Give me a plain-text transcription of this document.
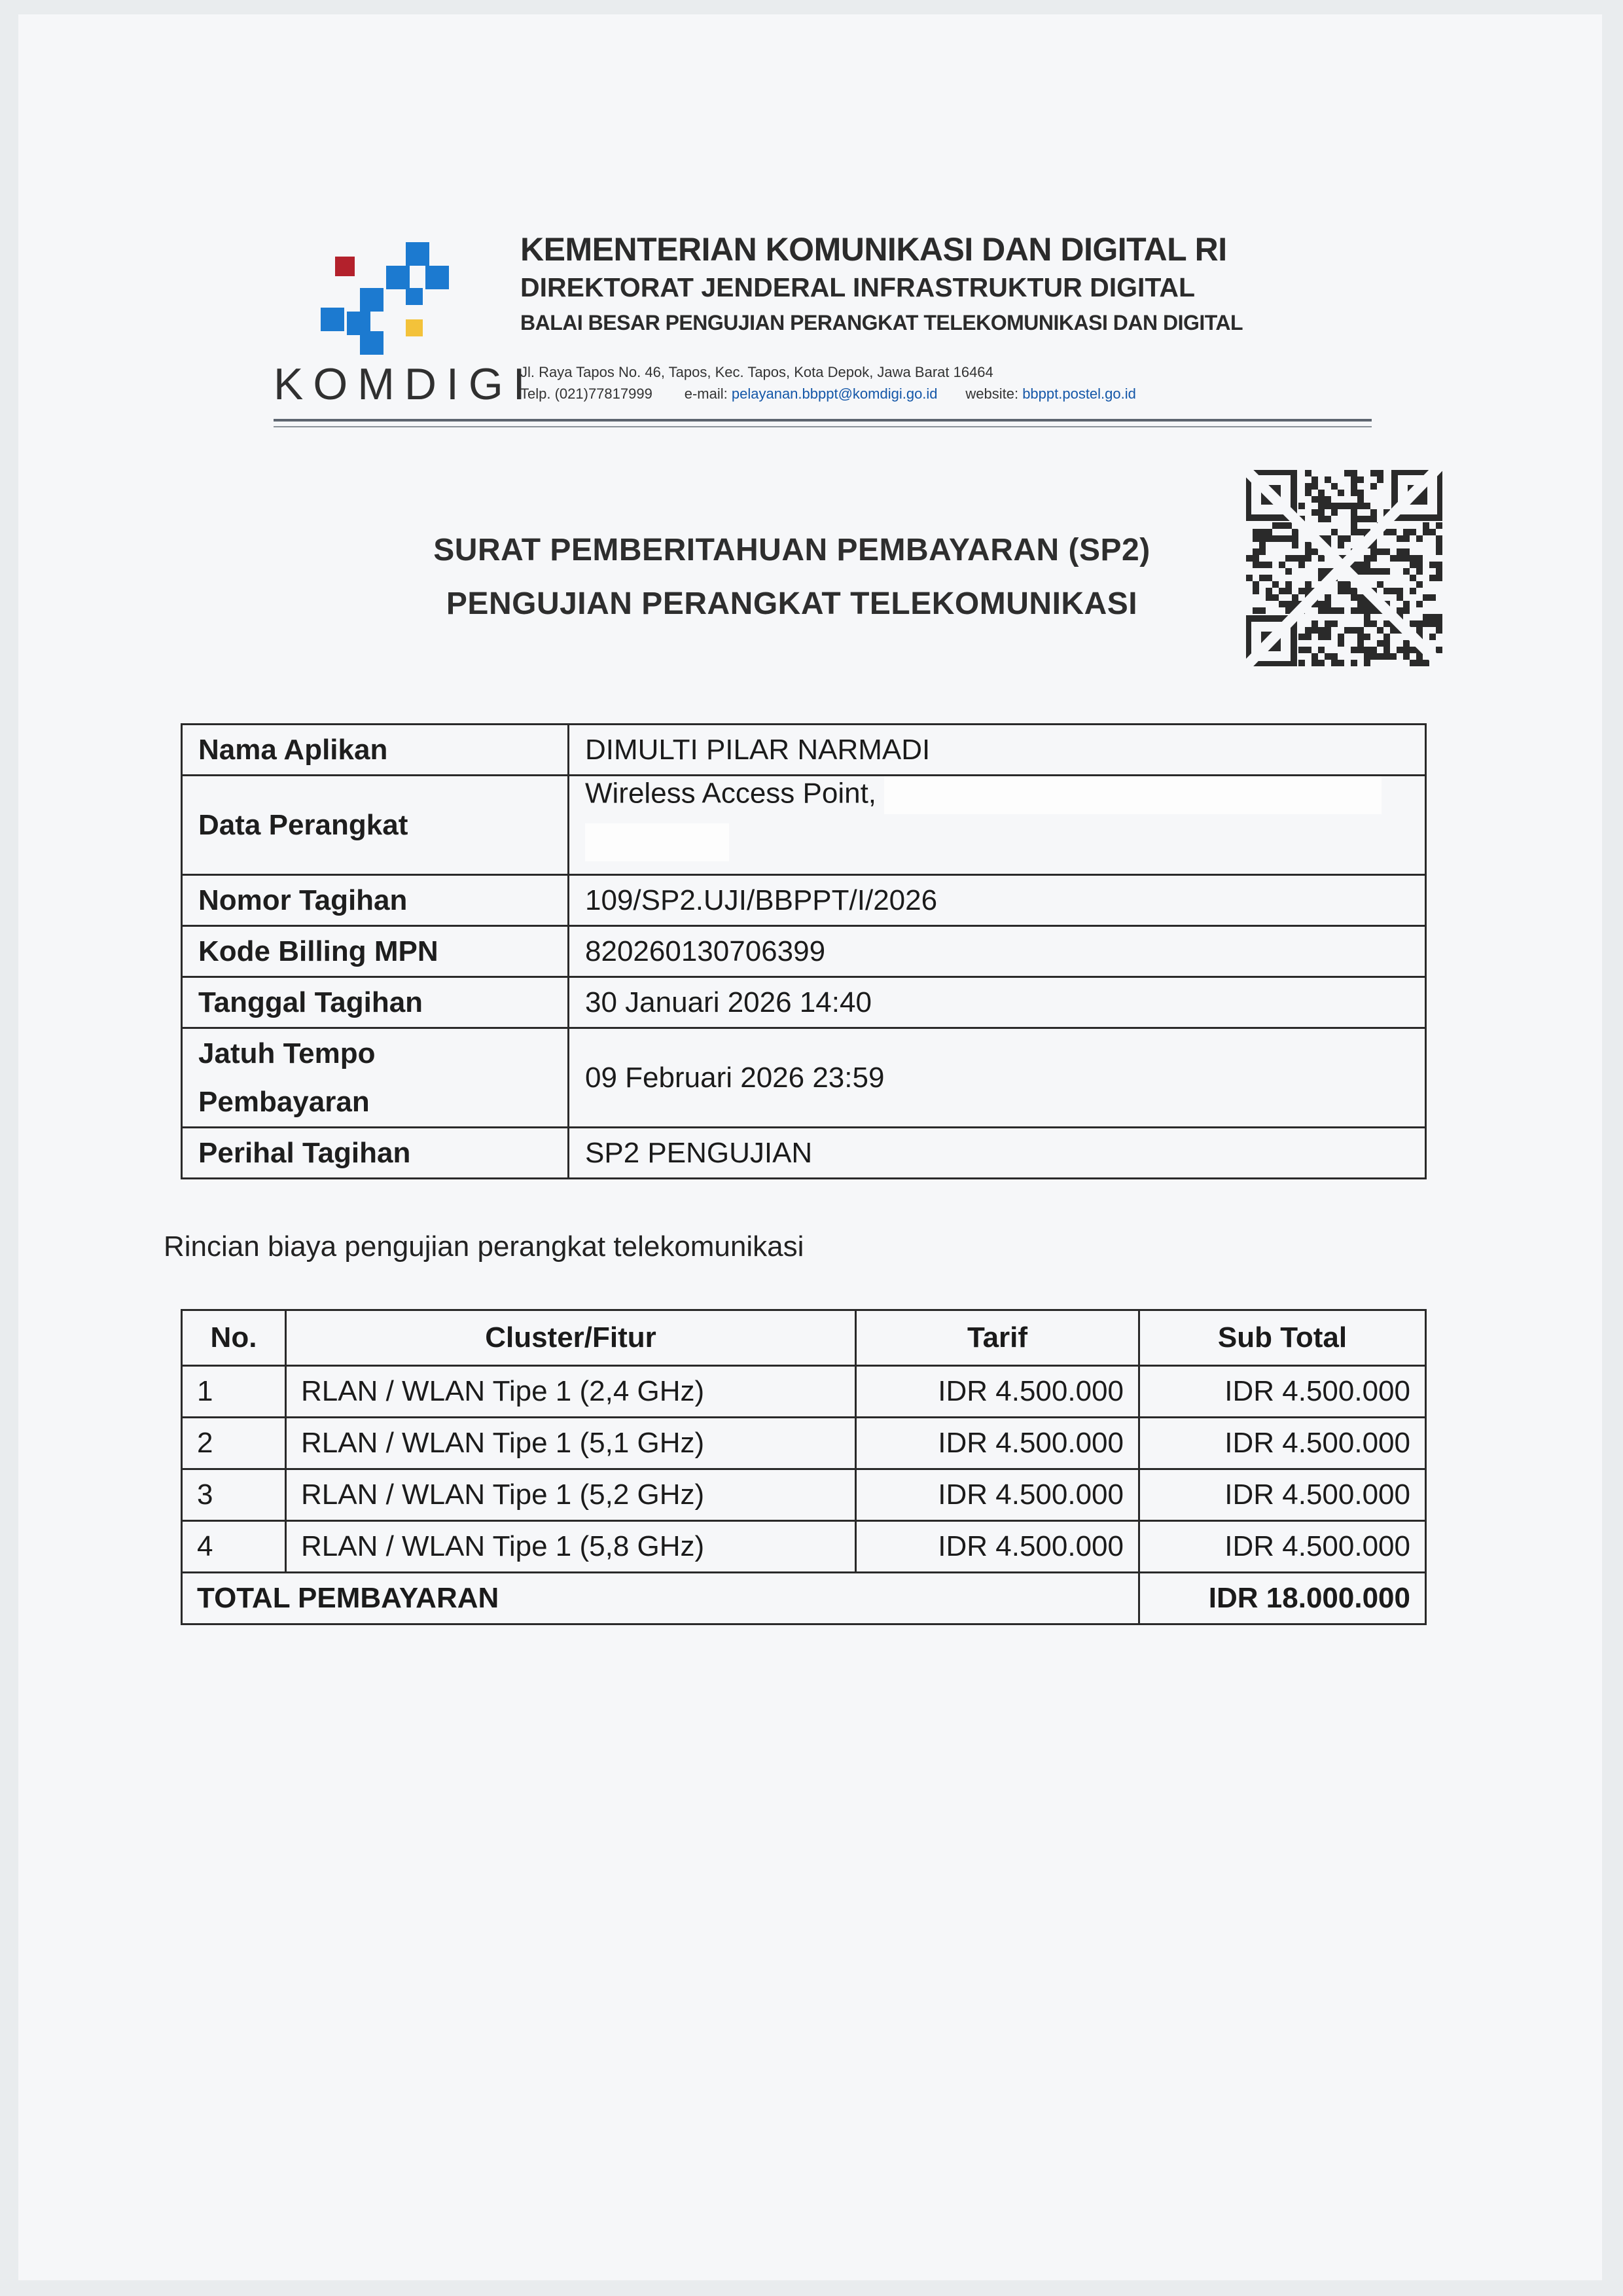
KOMDIGI
KEMENTERIAN KOMUNIKASI DAN DIGITAL RI
DIREKTORAT JENDERAL INFRASTRUKTUR DIGITAL
BALAI BESAR PENGUJIAN PERANGKAT TELEKOMUNIKASI DAN DIGITAL
Jl. Raya Tapos No. 46, Tapos, Kec. Tapos, Kota Depok, Jawa Barat 16464
Telp. (021)77817999 e-mail: pelayanan.bbppt@komdigi.go.id website: bbppt.postel.go.id
SURAT PEMBERITAHUAN PEMBAYARAN (SP2)
PENGUJIAN PERANGKAT TELEKOMUNIKASI
Nama Aplikan	DIMULTI PILAR NARMADI
Data Perangkat	Wireless Access Point,

Nomor Tagihan	109/SP2.UJI/BBPPT/I/2026
Kode Billing MPN	820260130706399
Tanggal Tagihan	30 Januari 2026 14:40

Jatuh Tempo
Pembayaran	09 Februari 2026 23:59
Perihal Tagihan	SP2 PENGUJIAN
Rincian biaya pengujian perangkat telekomunikasi
No.	Cluster/Fitur	Tarif	Sub Total
1	RLAN / WLAN Tipe 1 (2,4 GHz)	IDR 4.500.000	IDR 4.500.000
2	RLAN / WLAN Tipe 1 (5,1 GHz)	IDR 4.500.000	IDR 4.500.000
3	RLAN / WLAN Tipe 1 (5,2 GHz)	IDR 4.500.000	IDR 4.500.000
4	RLAN / WLAN Tipe 1 (5,8 GHz)	IDR 4.500.000	IDR 4.500.000
TOTAL PEMBAYARAN			IDR 18.000.000
